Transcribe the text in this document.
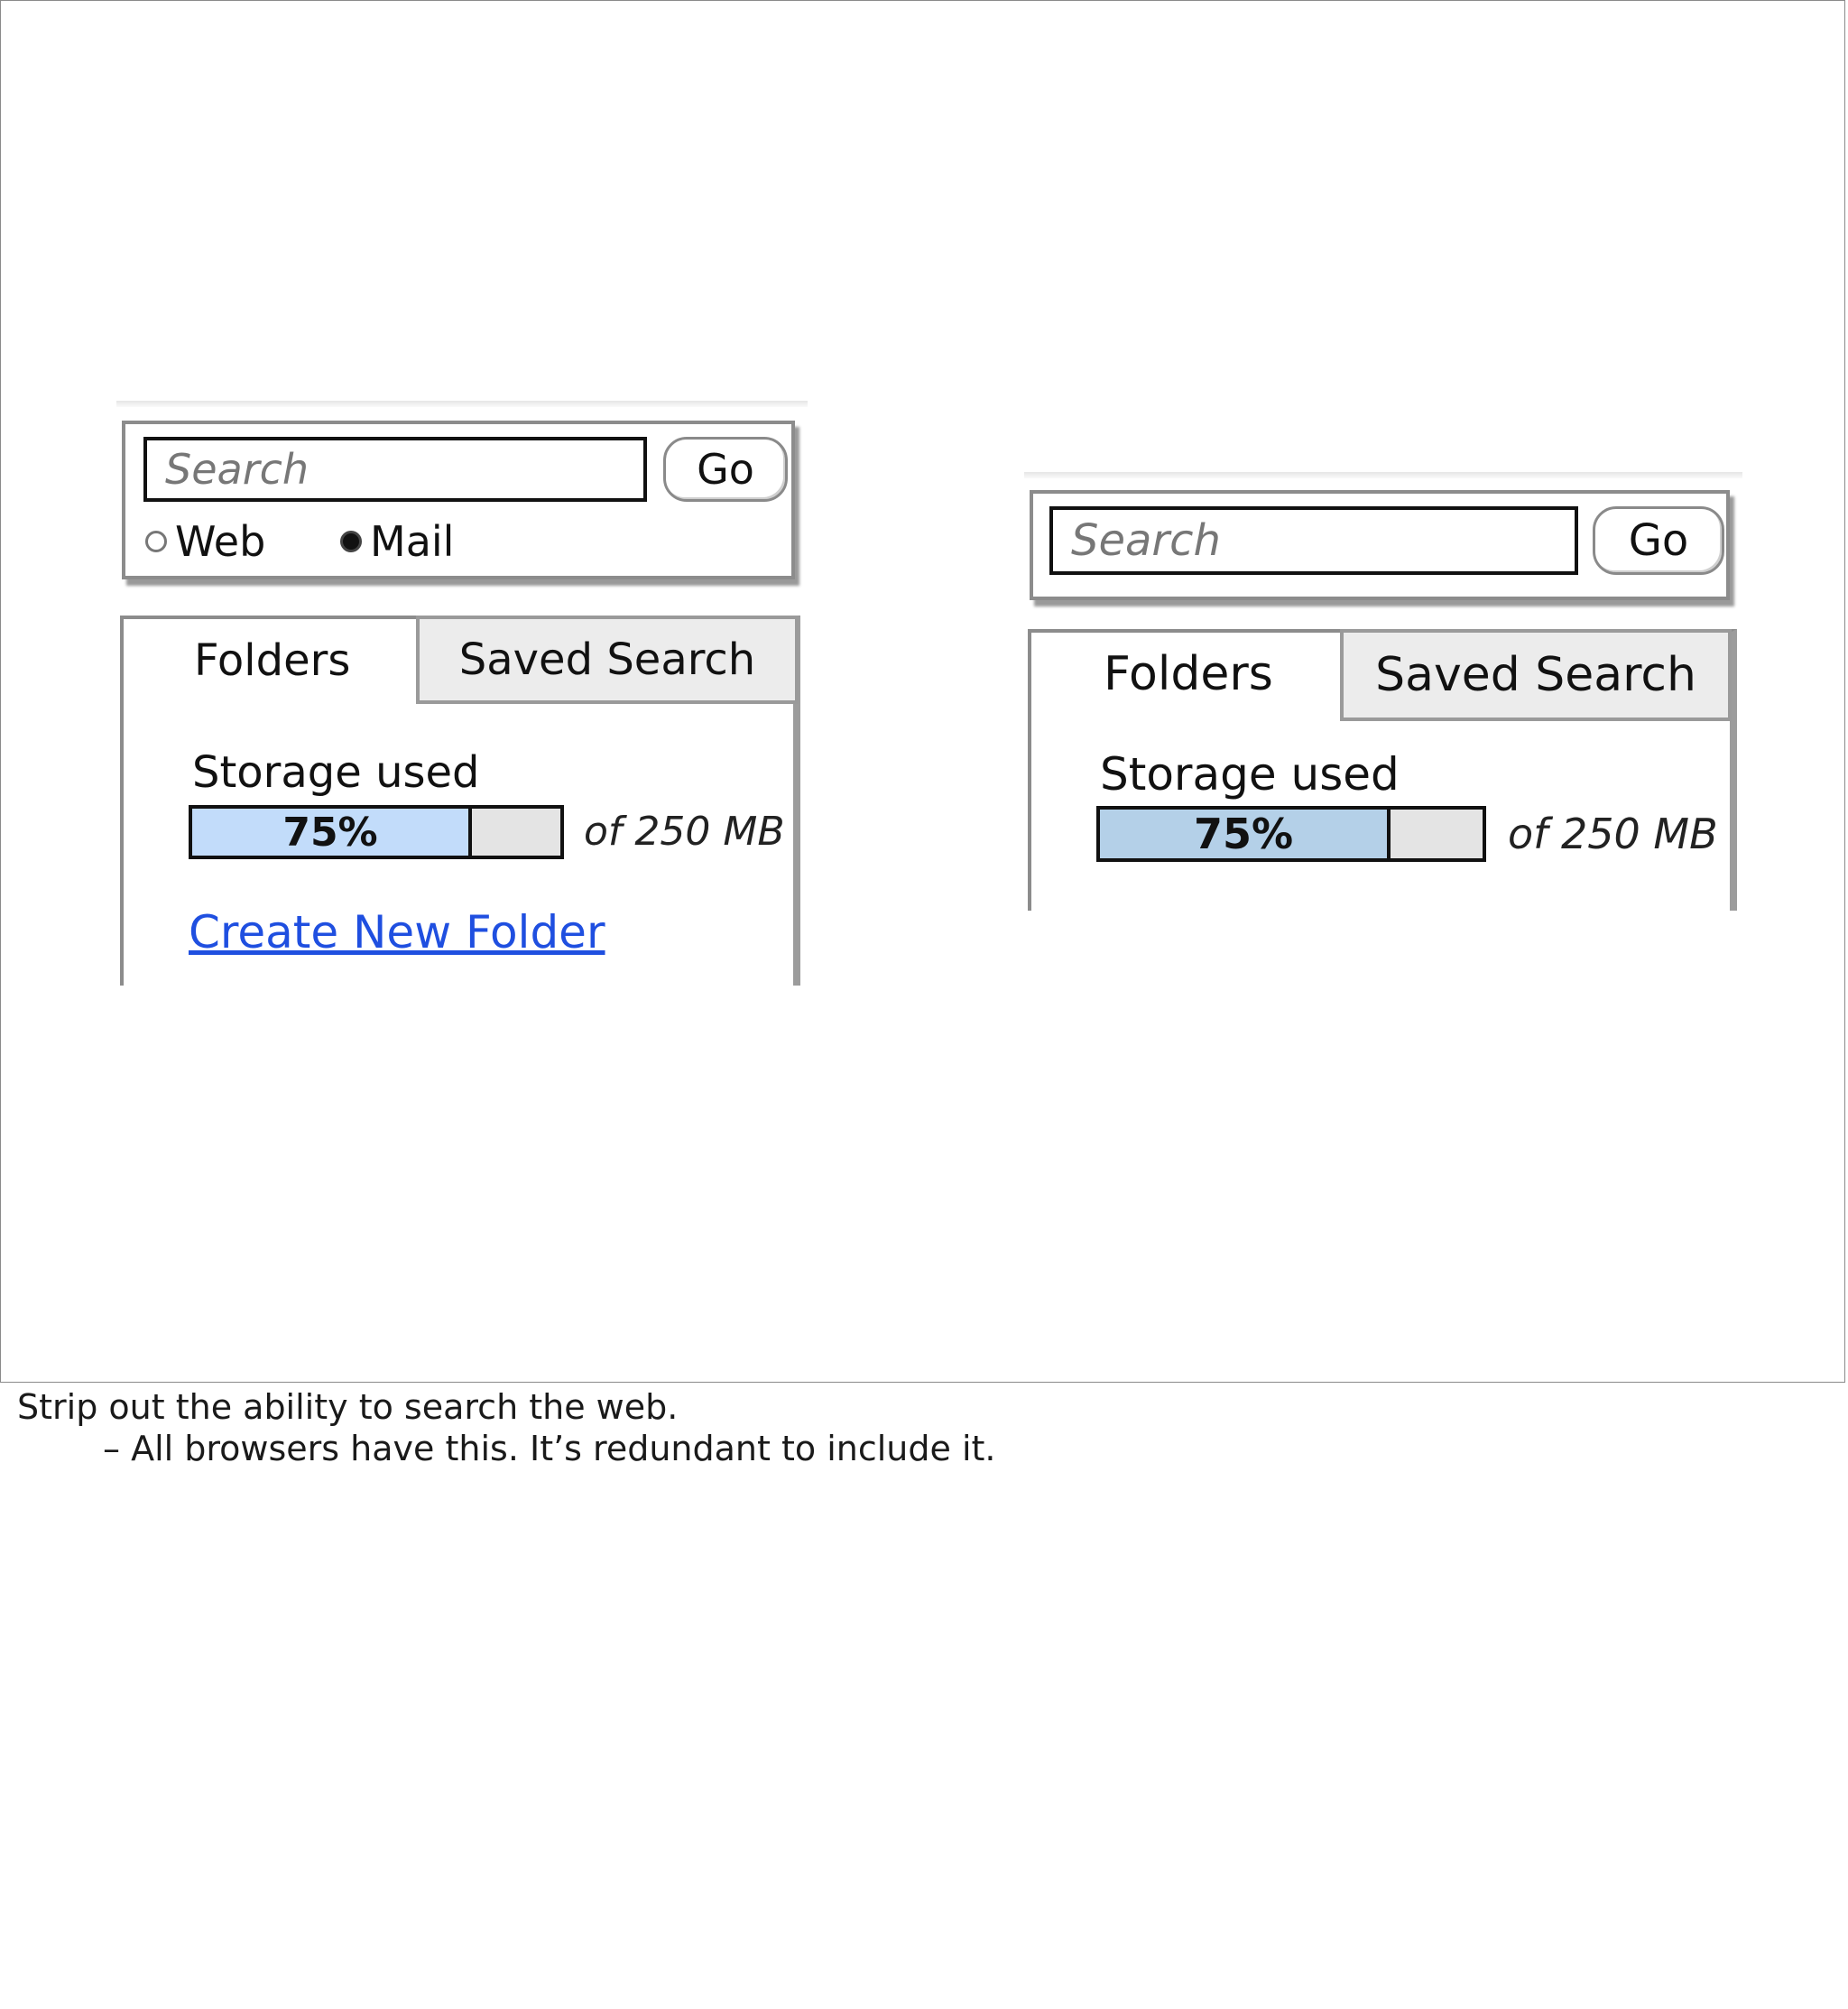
Search	Go
Web	Mail
Folders	Saved Search
Storage used
75%	of 250 MB
Create New Folder
Search	Go
Folders	Saved Search
Storage used
75%	of 250 MB
Strip out the ability to search the web.
– All browsers have this. It’s redundant to include it.
